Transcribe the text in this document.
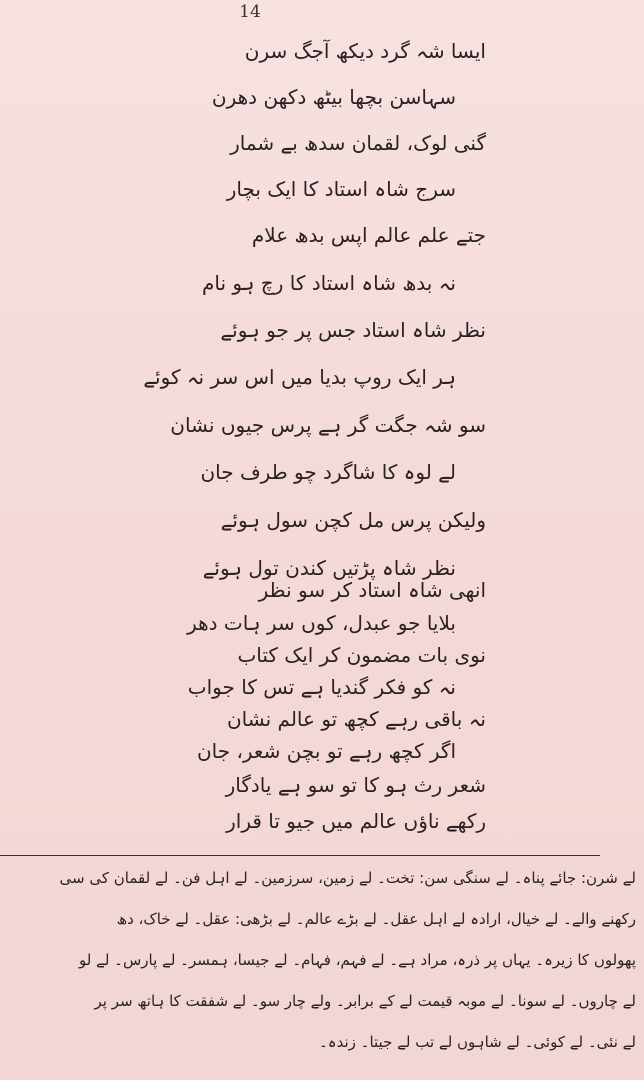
14
ایسا شہ گرد دیکھ آجگ سرن
سہاسن بچھا بیٹھ دکھن دھرن
گنی لوک، لقمان سدھ بے شمار
سرج شاہ استاد کا ایک بچار
جتے علم عالم اپس بدھ علام
نہ بدھ شاہ استاد کا رچ ہو نام
نظر شاہ استاد جس پر جو ہوئے
ہر ایک روپ بدیا میں اس سر نہ کوئے
سو شہ جگت گر ہے پرس جیوں نشان
لے لوہ کا شاگرد چو طرف جان
ولیکن پرس مل کچن سول ہوئے
نظر شاہ پڑتیں کندن تول ہوئے
انھی شاہ استاد کر سو نظر
بلایا جو عبدل، کوں سر ہات دھر
نوی بات مضمون کر ایک کتاب
نہ کو فکر گندیا ہے تس کا جواب
نہ باقی رہے کچھ تو عالم نشان
اگر کچھ رہے تو بچن شعر، جان
لے شرن: جائے پناہ۔ لے سنگی سن: تخت۔ لے زمین، سرزمین۔ لے اہل فن۔ لے لقمان کی سی
رکھنے والے۔ لے خیال، ارادہ لے اہل عقل۔ لے بڑے عالم۔ لے بڑھی: عقل۔ لے خاک، دھ
پھولوں کا زیرہ۔ یہاں پر ذرہ، مراد ہے۔ لے فہم، فہام۔ لے جیسا، ہمسر۔ لے پارس۔ لے لو
لے چاروں۔ لے سونا۔ لے موبہ قیمت لے کے برابر۔ ولے چار سو۔ لے شفقت کا ہاتھ سر پر
لے نئی۔ لے کوئی۔ لے شاہوں لے تب لے جیتا۔ زندہ۔
شعر رث ہو کا تو سو ہے یادگار
رکھے ناؤں عالم میں جیو تا قرار
